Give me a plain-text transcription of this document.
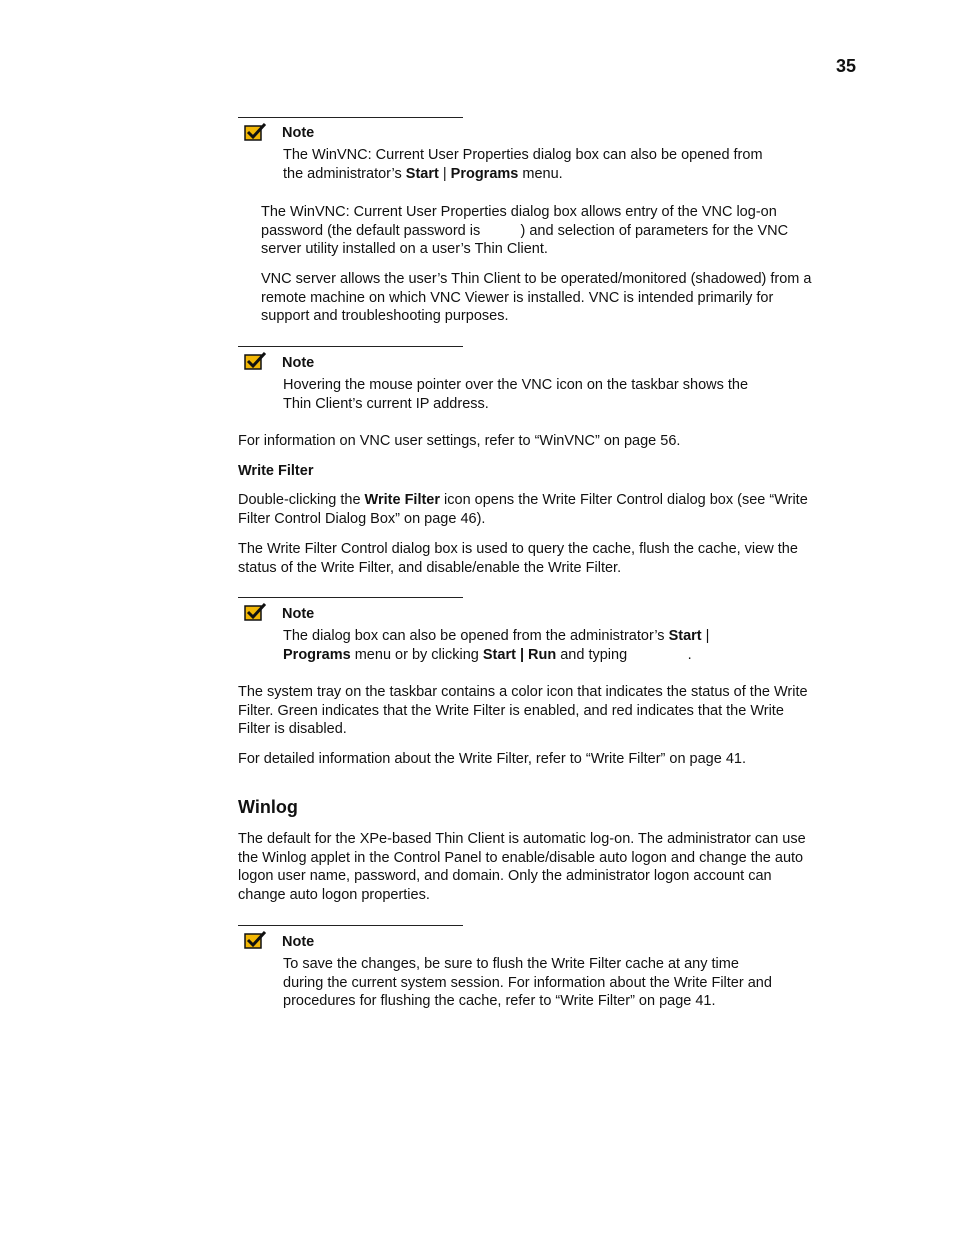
35
Note
The WinVNC: Current User Properties dialog box can also be opened from
the administrator’s Start | Programs menu.
The WinVNC: Current User Properties dialog box allows entry of the VNC log-on
password (the default password is          ) and selection of parameters for the VNC
server utility installed on a user’s Thin Client.
VNC server allows the user’s Thin Client to be operated/monitored (shadowed) from a
remote machine on which VNC Viewer is installed. VNC is intended primarily for
support and troubleshooting purposes.
Note
Hovering the mouse pointer over the VNC icon on the taskbar shows the
Thin Client’s current IP address.
For information on VNC user settings, refer to “WinVNC” on page 56.
Write Filter
Double-clicking the Write Filter icon opens the Write Filter Control dialog box (see “Write
Filter Control Dialog Box” on page 46).
The Write Filter Control dialog box is used to query the cache, flush the cache, view the
status of the Write Filter, and disable/enable the Write Filter.
Note
The dialog box can also be opened from the administrator’s Start |
Programs menu or by clicking Start | Run and typing               .
The system tray on the taskbar contains a color icon that indicates the status of the Write
Filter. Green indicates that the Write Filter is enabled, and red indicates that the Write
Filter is disabled.
For detailed information about the Write Filter, refer to “Write Filter” on page 41.
Winlog
The default for the XPe-based Thin Client is automatic log-on. The administrator can use
the Winlog applet in the Control Panel to enable/disable auto logon and change the auto
logon user name, password, and domain. Only the administrator logon account can
change auto logon properties.
Note
To save the changes, be sure to flush the Write Filter cache at any time
during the current system session. For information about the Write Filter and
procedures for flushing the cache, refer to “Write Filter” on page 41.
